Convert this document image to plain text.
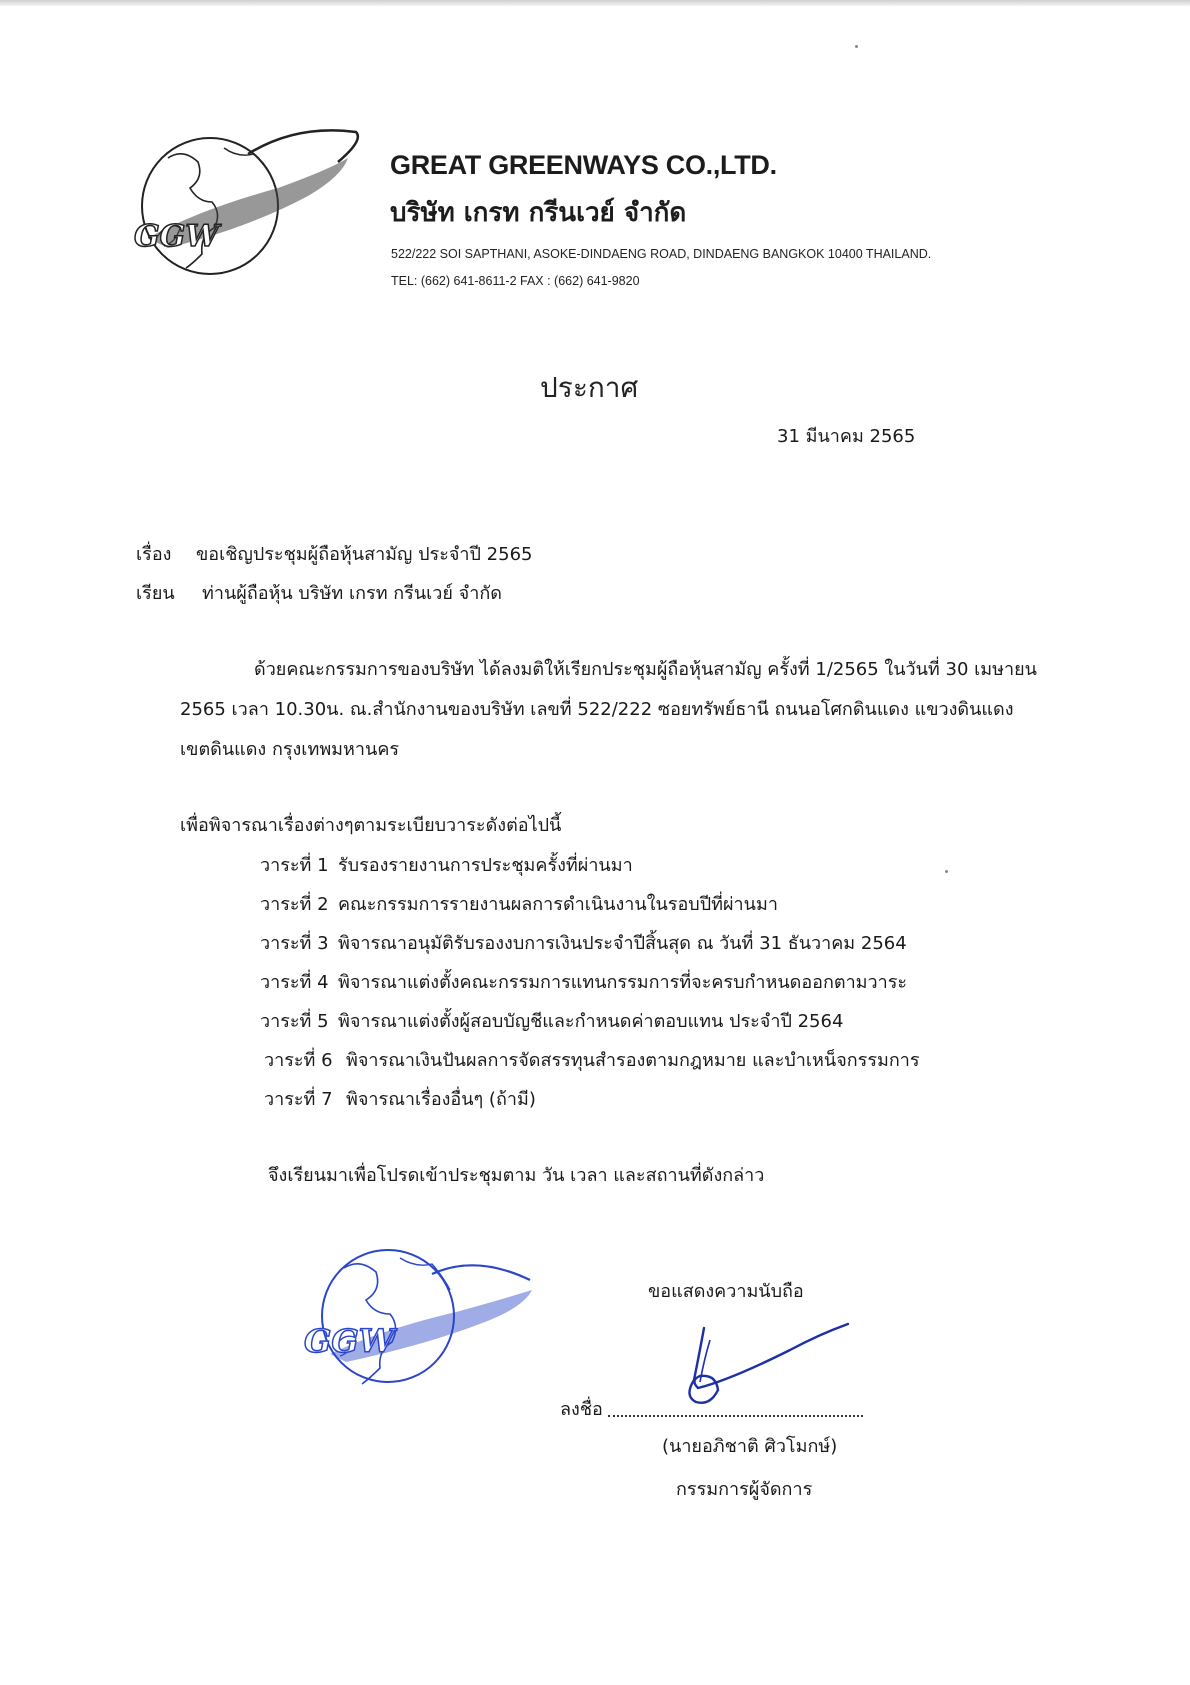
GGW
GREAT GREENWAYS CO.,LTD.
บริษัท เกรท กรีนเวย์ จำกัด
522/222 SOI SAPTHANI, ASOKE-DINDAENG ROAD, DINDAENG BANGKOK 10400 THAILAND.
TEL: (662) 641-8611-2 FAX : (662) 641-9820
ประกาศ
31 มีนาคม 2565
เรื่อง ขอเชิญประชุมผู้ถือหุ้นสามัญ ประจำปี 2565
เรียน ท่านผู้ถือหุ้น บริษัท เกรท กรีนเวย์ จำกัด
ด้วยคณะกรรมการของบริษัท ได้ลงมติให้เรียกประชุมผู้ถือหุ้นสามัญ ครั้งที่ 1/2565 ในวันที่ 30 เมษายน
2565 เวลา 10.30น. ณ.สำนักงานของบริษัท เลขที่ 522/222 ซอยทรัพย์ธานี ถนนอโศกดินแดง แขวงดินแดง
เขตดินแดง กรุงเทพมหานคร
เพื่อพิจารณาเรื่องต่างๆตามระเบียบวาระดังต่อไปนี้
วาระที่ 1 รับรองรายงานการประชุมครั้งที่ผ่านมา
วาระที่ 2 คณะกรรมการรายงานผลการดำเนินงานในรอบปีที่ผ่านมา
วาระที่ 3 พิจารณาอนุมัติรับรองงบการเงินประจำปีสิ้นสุด ณ วันที่ 31 ธันวาคม 2564
วาระที่ 4 พิจารณาแต่งตั้งคณะกรรมการแทนกรรมการที่จะครบกำหนดออกตามวาระ
วาระที่ 5 พิจารณาแต่งตั้งผู้สอบบัญชีและกำหนดค่าตอบแทน ประจำปี 2564
วาระที่ 6 พิจารณาเงินปันผลการจัดสรรทุนสำรองตามกฎหมาย และบำเหน็จกรรมการ
วาระที่ 7 พิจารณาเรื่องอื่นๆ (ถ้ามี)
จึงเรียนมาเพื่อโปรดเข้าประชุมตาม วัน เวลา และสถานที่ดังกล่าว
ขอแสดงความนับถือ
GGW
ลงชื่อ
(นายอภิชาติ ศิวโมกษ์)
กรรมการผู้จัดการ
